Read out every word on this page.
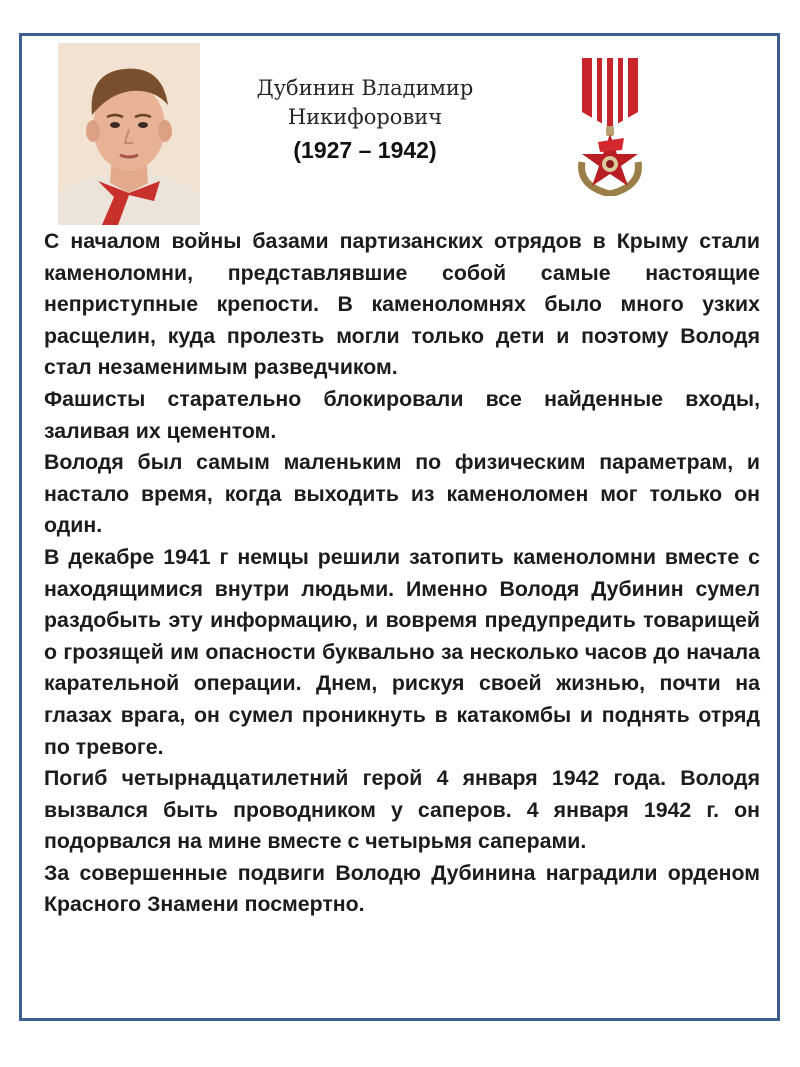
Дубинин Владимир
Никифорович
(1927 – 1942)

С началом войны базами партизанских отрядов в Крыму стали каменоломни, представлявшие собой самые настоящие неприступные крепости. В каменоломнях было много узких расщелин, куда пролезть могли только дети и поэтому Володя стал незаменимым разведчиком.

Фашисты старательно блокировали все найденные входы, заливая их цементом.

Володя был самым маленьким по физическим параметрам, и настало время, когда выходить из каменоломен мог только он один.

В декабре 1941 г немцы решили затопить каменоломни вместе с находящимися внутри людьми. Именно Володя Дубинин сумел раздобыть эту информацию, и вовремя предупредить товарищей о грозящей им опасности буквально за несколько часов до начала карательной операции. Днем, рискуя своей жизнью, почти на глазах врага, он сумел проникнуть в катакомбы и поднять отряд по тревоге.

Погиб четырнадцатилетний герой 4 января 1942 года. Володя вызвался быть проводником у саперов. 4 января 1942 г. он подорвался на мине вместе с четырьмя саперами.

За совершенные подвиги Володю Дубинина наградили орденом Красного Знамени посмертно.
